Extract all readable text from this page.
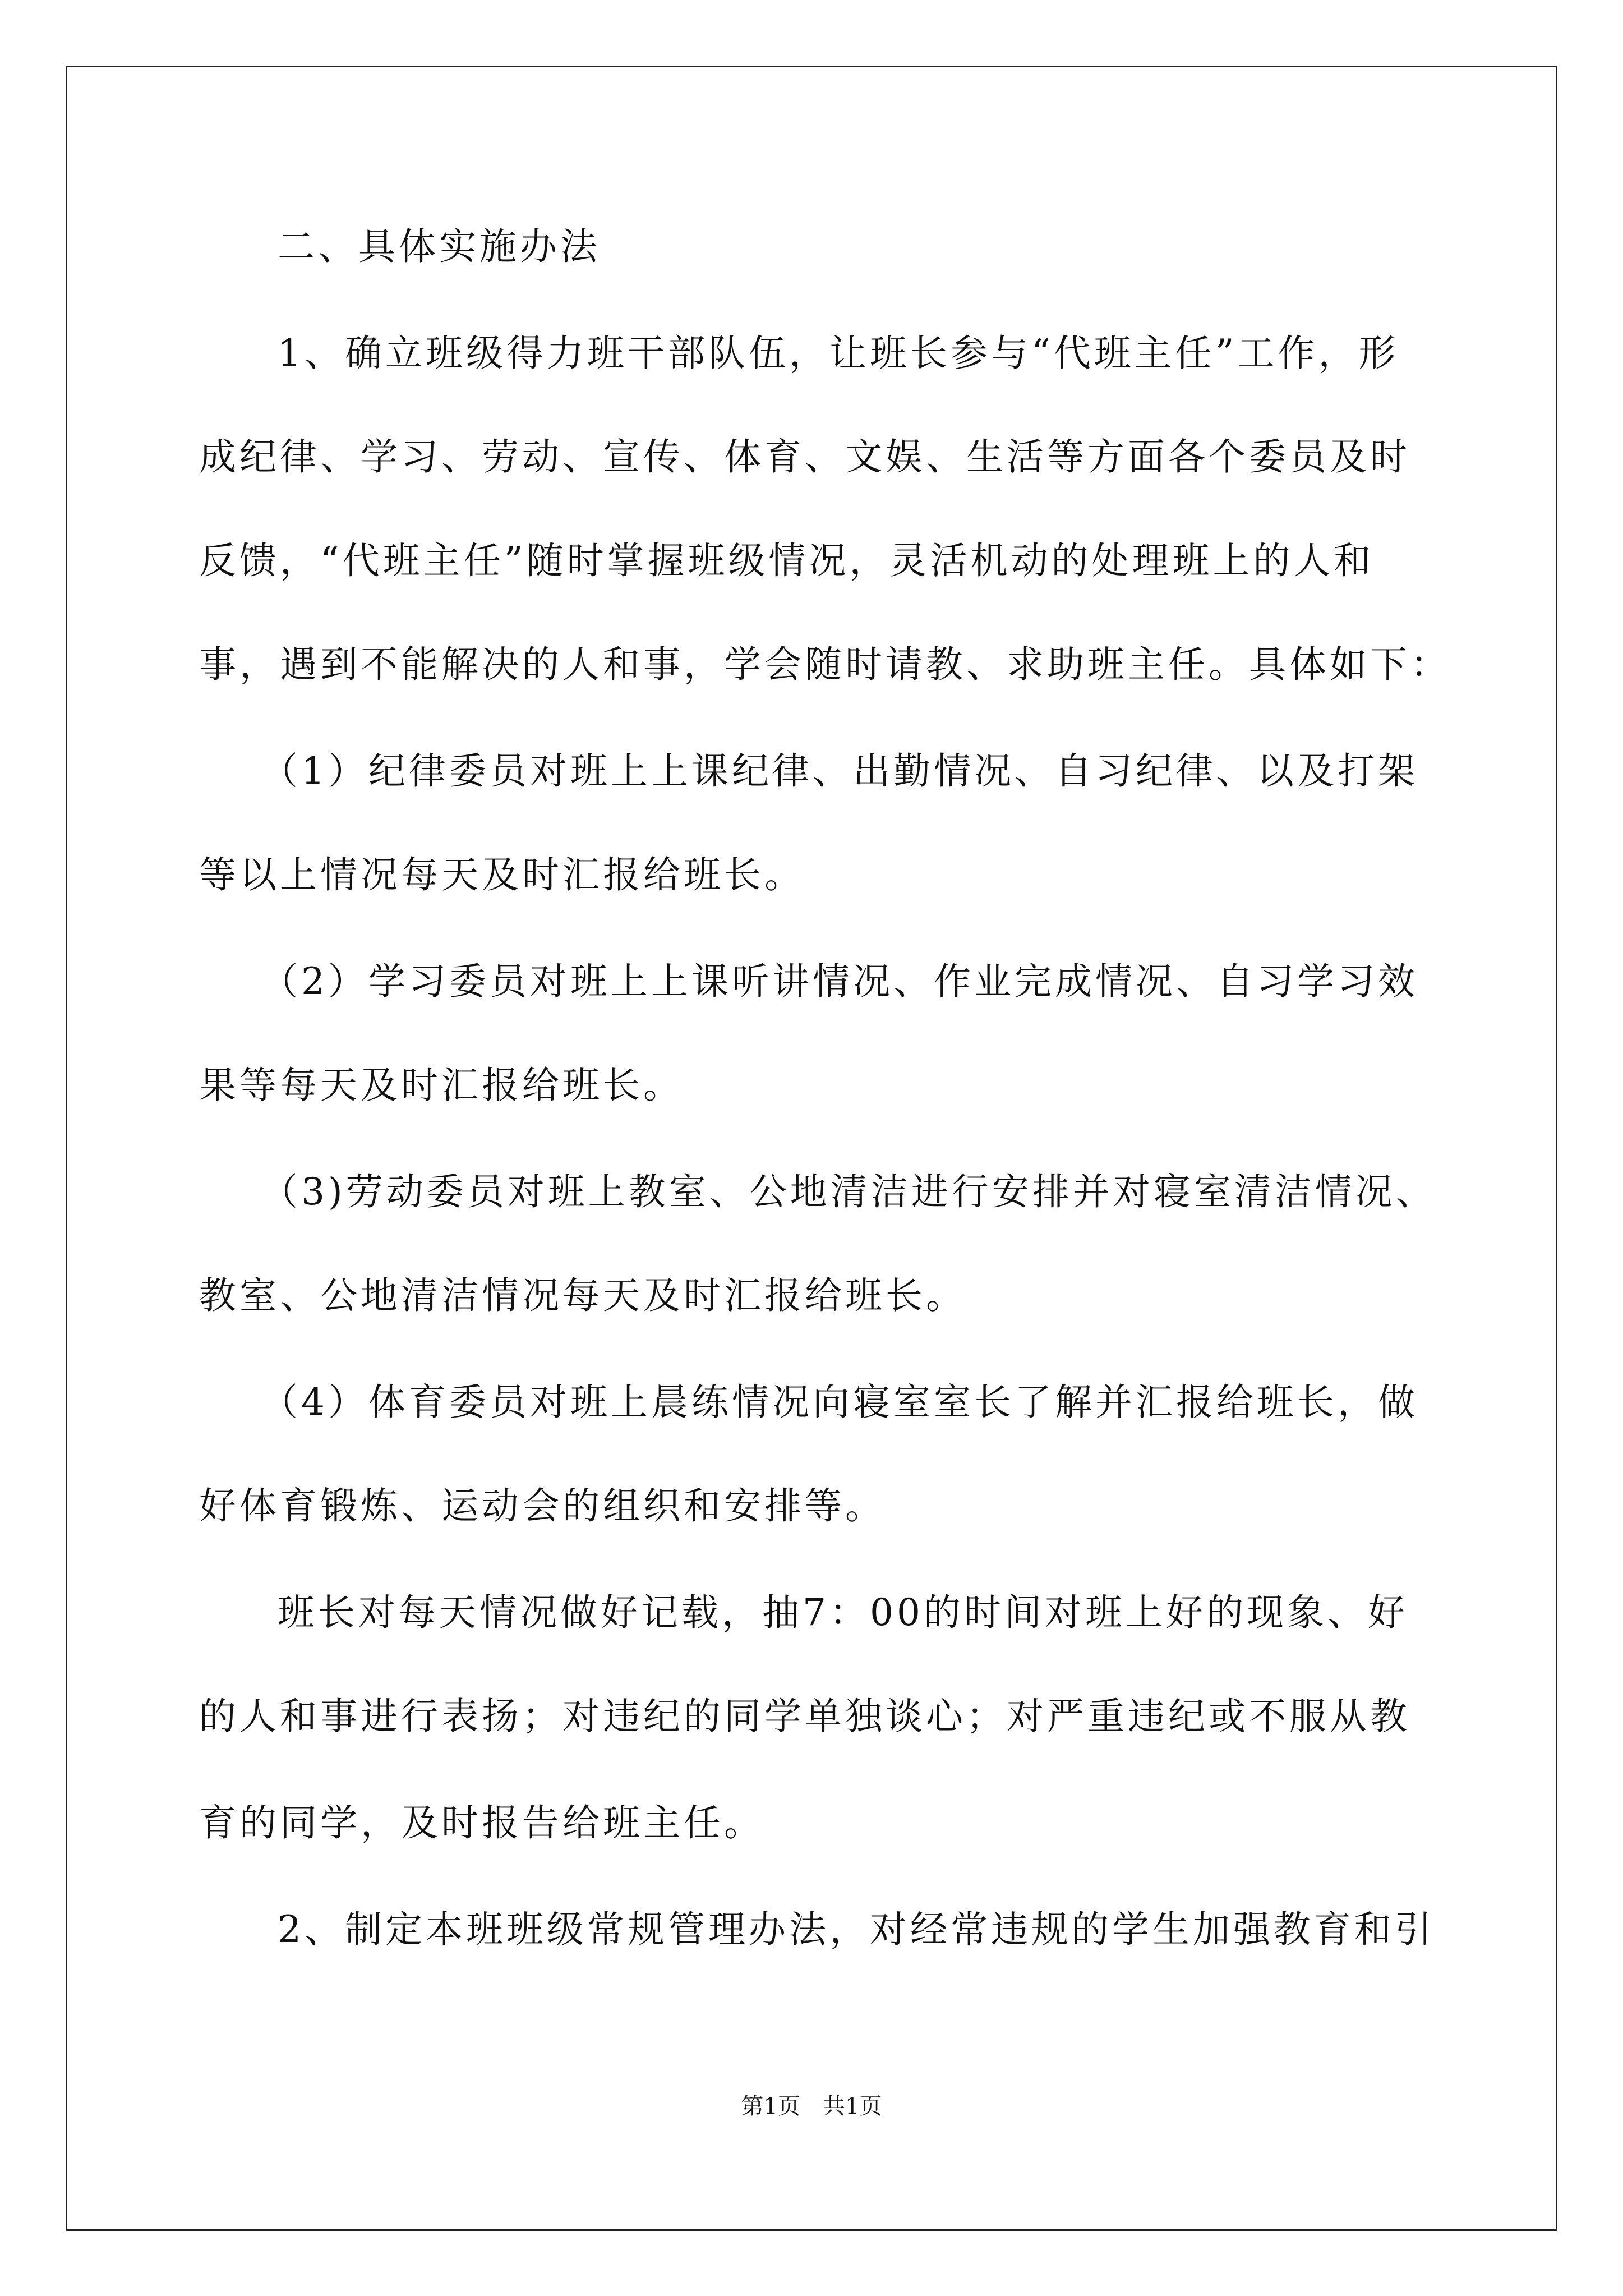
二、具体实施办法
1、确立班级得力班干部队伍，让班长参与“代班主任”工作，形
成纪律、学习、劳动、宣传、体育、文娱、生活等方面各个委员及时
反馈，“代班主任”随时掌握班级情况，灵活机动的处理班上的人和
事，遇到不能解决的人和事，学会随时请教、求助班主任。具体如下：
（1）纪律委员对班上上课纪律、出勤情况、自习纪律、以及打架
等以上情况每天及时汇报给班长。
（2）学习委员对班上上课听讲情况、作业完成情况、自习学习效
果等每天及时汇报给班长。
（3)劳动委员对班上教室、公地清洁进行安排并对寝室清洁情况、
教室、公地清洁情况每天及时汇报给班长。
（4）体育委员对班上晨练情况向寝室室长了解并汇报给班长，做
好体育锻炼、运动会的组织和安排等。
班长对每天情况做好记载，抽7：00的时间对班上好的现象、好
的人和事进行表扬；对违纪的同学单独谈心；对严重违纪或不服从教
育的同学，及时报告给班主任。
2、制定本班班级常规管理办法，对经常违规的学生加强教育和引
第1页　共1页
